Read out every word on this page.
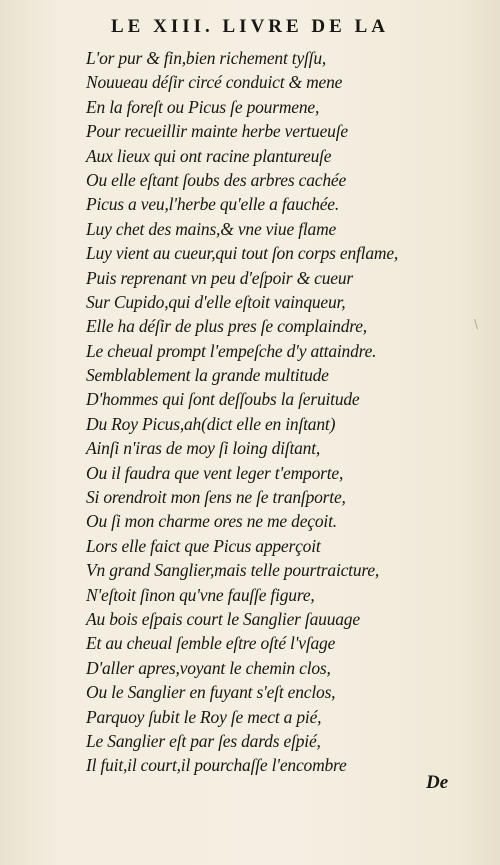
LE XIII. LIVRE DE LA
L'or pur & fin,bien richement tyſſu,
Nouueau déſir circé conduict & mene
En la foreſt ou Picus ſe pourmene,
Pour recueillir mainte herbe vertueuſe
Aux lieux qui ont racine plantureuſe
Ou elle eſtant ſoubs des arbres cachée
Picus a veu,l'herbe qu'elle a fauchée.
Luy chet des mains,& vne viue flame
Luy vient au cueur,qui tout ſon corps enflame,
Puis reprenant vn peu d'eſpoir & cueur
Sur Cupido,qui d'elle eſtoit vainqueur,
Elle ha déſir de plus pres ſe complaindre,
Le cheual prompt l'empeſche d'y attaindre.
Semblablement la grande multitude
D'hommes qui ſont deſſoubs la ſeruitude
Du Roy Picus,ah(dict elle en inſtant)
Ainſi n'iras de moy ſi loing diſtant,
Ou il faudra que vent leger t'emporte,
Si orendroit mon ſens ne ſe tranſporte,
Ou ſi mon charme ores ne me deçoit.
Lors elle faict que Picus apperçoit
Vn grand Sanglier,mais telle pourtraicture,
N'eſtoit ſinon qu'vne fauſſe figure,
Au bois eſpais court le Sanglier ſauuage
Et au cheual ſemble eſtre oſté l'vſage
D'aller apres,voyant le chemin clos,
Ou le Sanglier en fuyant s'eſt enclos,
Parquoy ſubit le Roy ſe mect a pié,
Le Sanglier eſt par ſes dards eſpié,
Il fuit,il court,il pourchaſſe l'encombre
De
\
